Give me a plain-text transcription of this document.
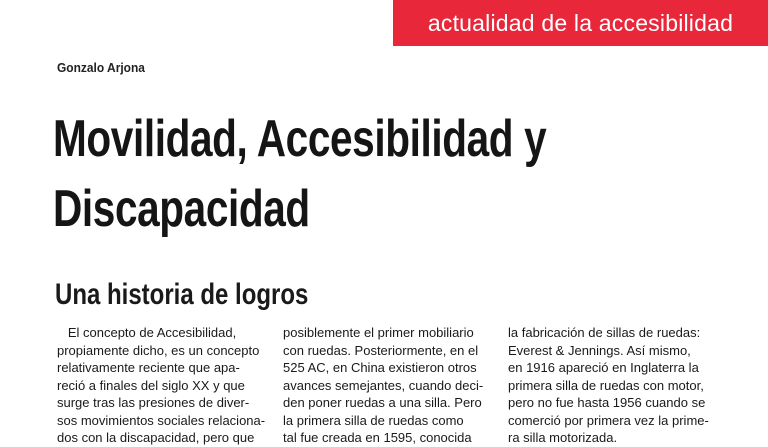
actualidad de la accesibilidad
Gonzalo Arjona
Movilidad, Accesibilidad y
Discapacidad
Una historia de logros
El concepto de Accesibilidad,
propiamente dicho, es un concepto
relativamente reciente que apa-
reció a finales del siglo XX y que
surge tras las presiones de diver-
sos movimientos sociales relaciona-
dos con la discapacidad, pero que
posiblemente el primer mobiliario
con ruedas. Posteriormente, en el
525 AC, en China existieron otros
avances semejantes, cuando deci-
den poner ruedas a una silla. Pero
la primera silla de ruedas como
tal fue creada en 1595, conocida
la fabricación de sillas de ruedas:
Everest & Jennings. Así mismo,
en 1916 apareció en Inglaterra la
primera silla de ruedas con motor,
pero no fue hasta 1956 cuando se
comerció por primera vez la prime-
ra silla motorizada.
